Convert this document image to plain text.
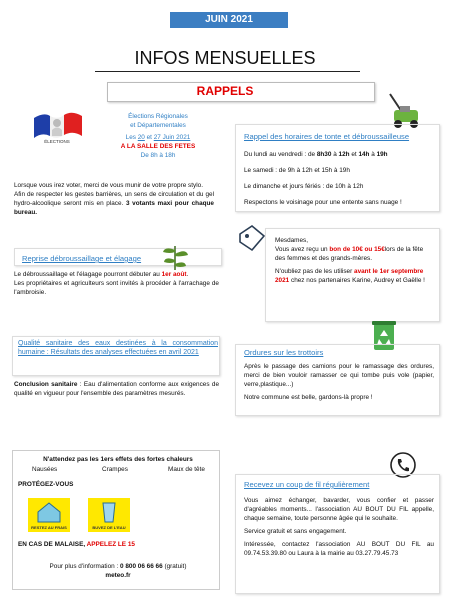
JUIN 2021
INFOS MENSUELLES
RAPPELS
ÉLECTIONS
Élections Régionales
et Départementales
Les 20 et 27 Juin 2021
A LA SALLE DES FETES
De 8h à 18h
Lorsque vous irez voter, merci de vous munir de votre propre stylo.
Afin de respecter les gestes barrières, un sens de circulation et du gel hydro-alcoolique seront mis en place. 3 votants maxi pour chaque bureau.
Rappel des horaires de tonte et débroussailleuse
Du lundi au vendredi : de 8h30 à 12h et 14h à 19h
Le samedi : de 9h à 12h et 15h à 19h
Le dimanche et jours fériés : de 10h à 12h
Respectons le voisinage pour une entente sans nuage !
Reprise débroussaillage et élagage
Le débroussaillage et l'élagage pourront débuter au 1er août.
Les propriétaires et agriculteurs sont invités à procéder à l'arrachage de l'ambroisie.
Mesdames,
Vous avez reçu un bon de 10€ ou 15€lors de la fête des femmes et des grands-mères.
N'oubliez pas de les utiliser avant le 1er septembre 2021 chez nos partenaires Karine, Audrey et Gaëlle !
Qualité sanitaire des eaux destinées à la consommation humaine : Résultats des analyses effectuées en avril 2021
Conclusion sanitaire : Eau d'alimentation conforme aux exigences de qualité en vigueur pour l'ensemble des paramètres mesurés.
Ordures sur les trottoirs
Après le passage des camions pour le ramassage des ordures, merci de bien vouloir ramasser ce qui tombe puis vole (papier, verre,plastique...)
Notre commune est belle, gardons-là propre !
N'attendez pas les 1ers effets des fortes chaleurs
Nausées	Crampes	Maux de tête
PROTÉGEZ-VOUS
RESTEZ AU FRAIS	BUVEZ DE L'EAU
EN CAS DE MALAISE, APPELEZ LE 15
Pour plus d'information : 0 800 06 66 66 (gratuit)
meteo.fr
Recevez un coup de fil régulièrement
Vous aimez échanger, bavarder, vous confier et passer d'agréables moments... l'association AU BOUT DU FIL appelle, chaque semaine, toute personne âgée qui le souhaite.
Service gratuit et sans engagement.
Intéressée, contactez l'association AU BOUT DU FIL au 09.74.53.39.80 ou Laura à la mairie au 03.27.79.45.73
